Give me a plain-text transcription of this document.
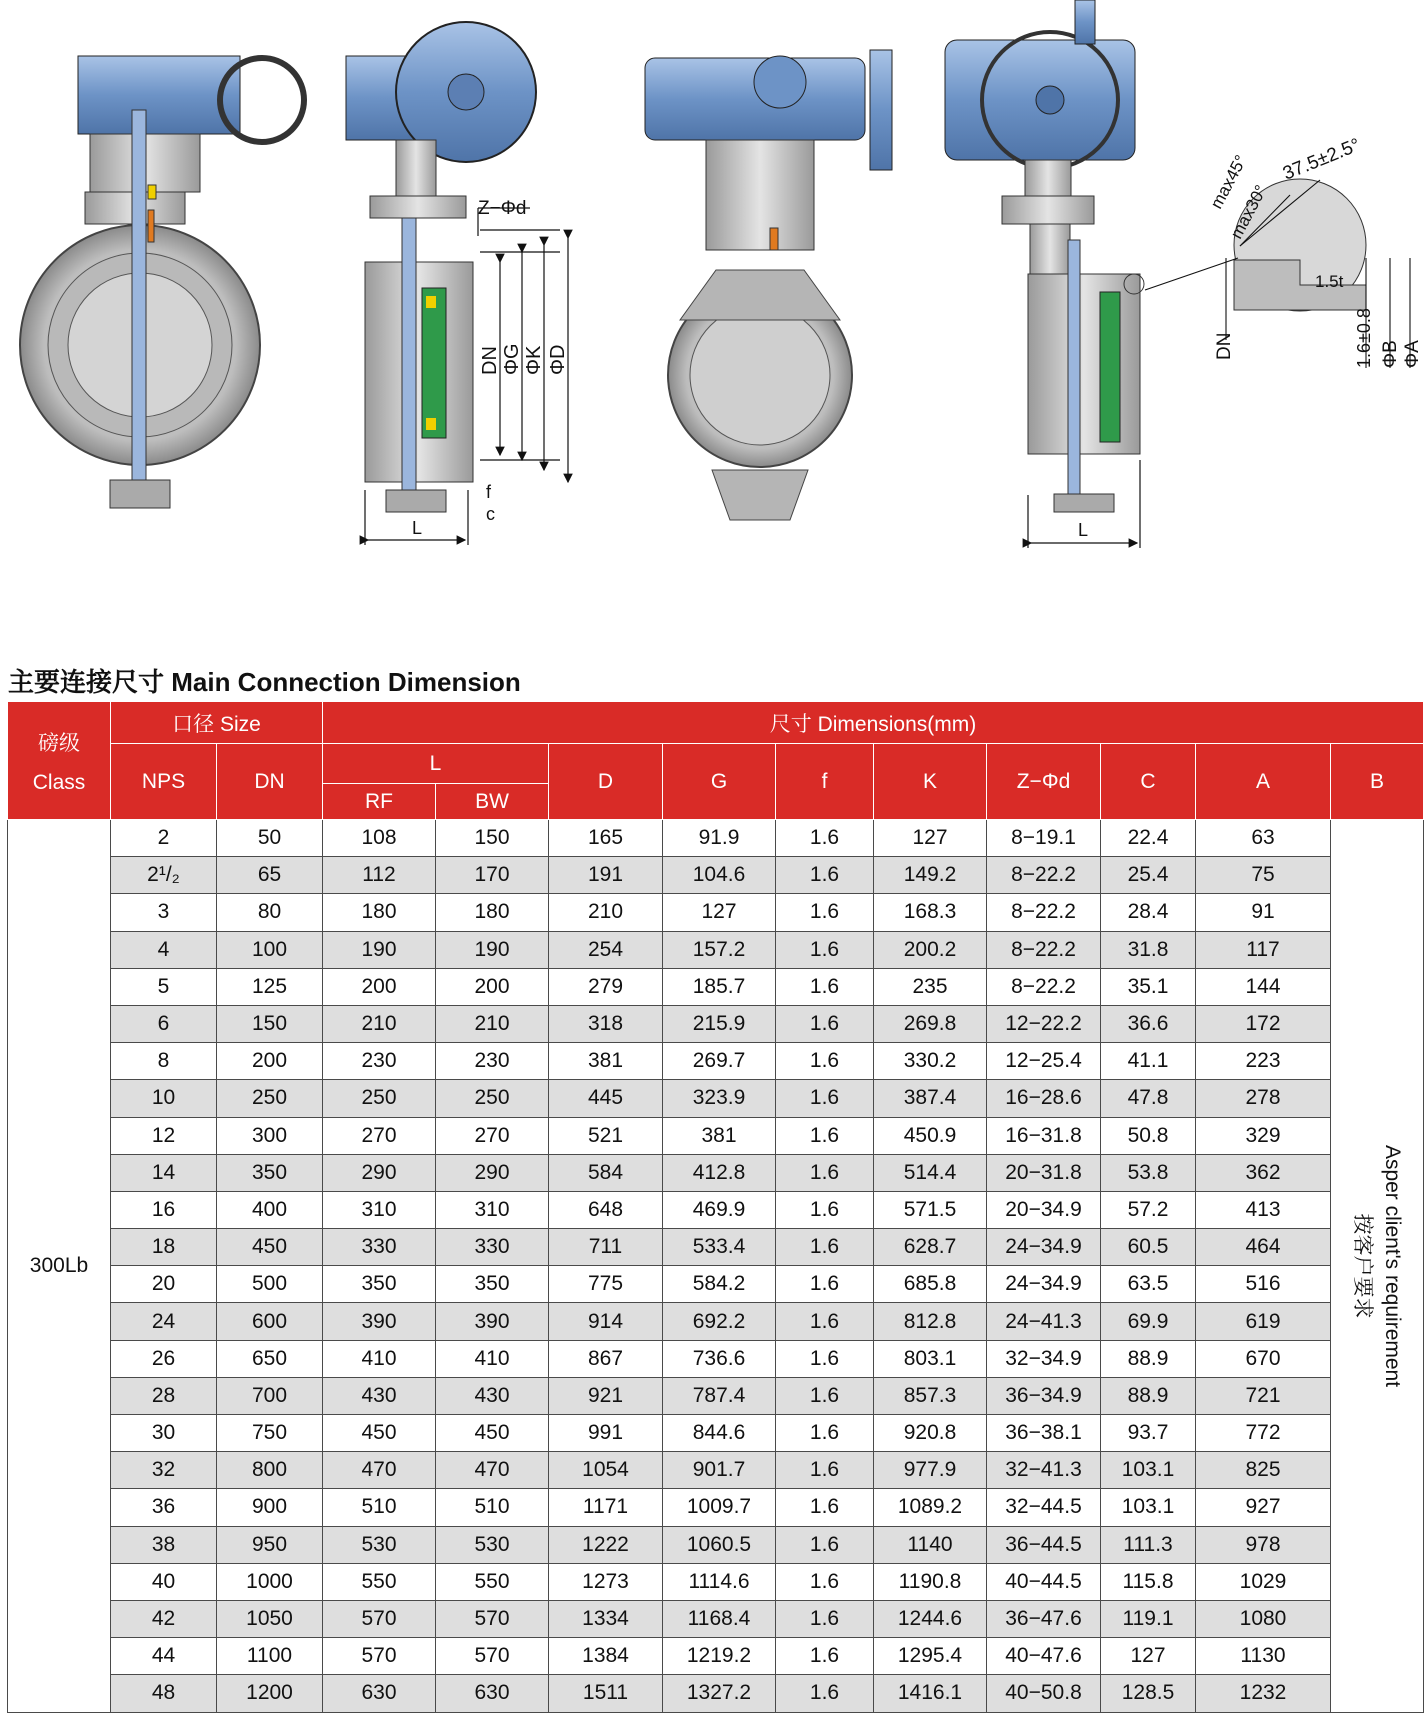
Z−Φd
DN ΦG ΦK ΦD
f
c
L	L
max45°
max30°
37.5±2.5°
1.5t
DN	1.6±0.8 ΦB ΦA
主要连接尺寸 Main Connection Dimension
磅级
Class	口径 Size		尺寸 Dimensions(mm)									
	NPS	DN	L		D	G	f	K	Z−Φd	C	A	B
			RF	BW								
300Lb	2	50	108	150	165	91.9	1.6	127	8−19.1	22.4	63	Asper client's requirement
按客户要求

	2¹/₂	65	112	170	191	104.6	1.6	149.2	8−22.2	25.4	75	
	3	80	180	180	210	127	1.6	168.3	8−22.2	28.4	91	
	4	100	190	190	254	157.2	1.6	200.2	8−22.2	31.8	117	
	5	125	200	200	279	185.7	1.6	235	8−22.2	35.1	144	
	6	150	210	210	318	215.9	1.6	269.8	12−22.2	36.6	172	
	8	200	230	230	381	269.7	1.6	330.2	12−25.4	41.1	223	
	10	250	250	250	445	323.9	1.6	387.4	16−28.6	47.8	278	
	12	300	270	270	521	381	1.6	450.9	16−31.8	50.8	329	
	14	350	290	290	584	412.8	1.6	514.4	20−31.8	53.8	362	
	16	400	310	310	648	469.9	1.6	571.5	20−34.9	57.2	413	
	18	450	330	330	711	533.4	1.6	628.7	24−34.9	60.5	464	
	20	500	350	350	775	584.2	1.6	685.8	24−34.9	63.5	516	
	24	600	390	390	914	692.2	1.6	812.8	24−41.3	69.9	619	
	26	650	410	410	867	736.6	1.6	803.1	32−34.9	88.9	670	
	28	700	430	430	921	787.4	1.6	857.3	36−34.9	88.9	721	
	30	750	450	450	991	844.6	1.6	920.8	36−38.1	93.7	772	
	32	800	470	470	1054	901.7	1.6	977.9	32−41.3	103.1	825	
	36	900	510	510	1171	1009.7	1.6	1089.2	32−44.5	103.1	927	
	38	950	530	530	1222	1060.5	1.6	1140	36−44.5	111.3	978	
	40	1000	550	550	1273	1114.6	1.6	1190.8	40−44.5	115.8	1029	
	42	1050	570	570	1334	1168.4	1.6	1244.6	36−47.6	119.1	1080	
	44	1100	570	570	1384	1219.2	1.6	1295.4	40−47.6	127	1130	
	48	1200	630	630	1511	1327.2	1.6	1416.1	40−50.8	128.5	1232	
